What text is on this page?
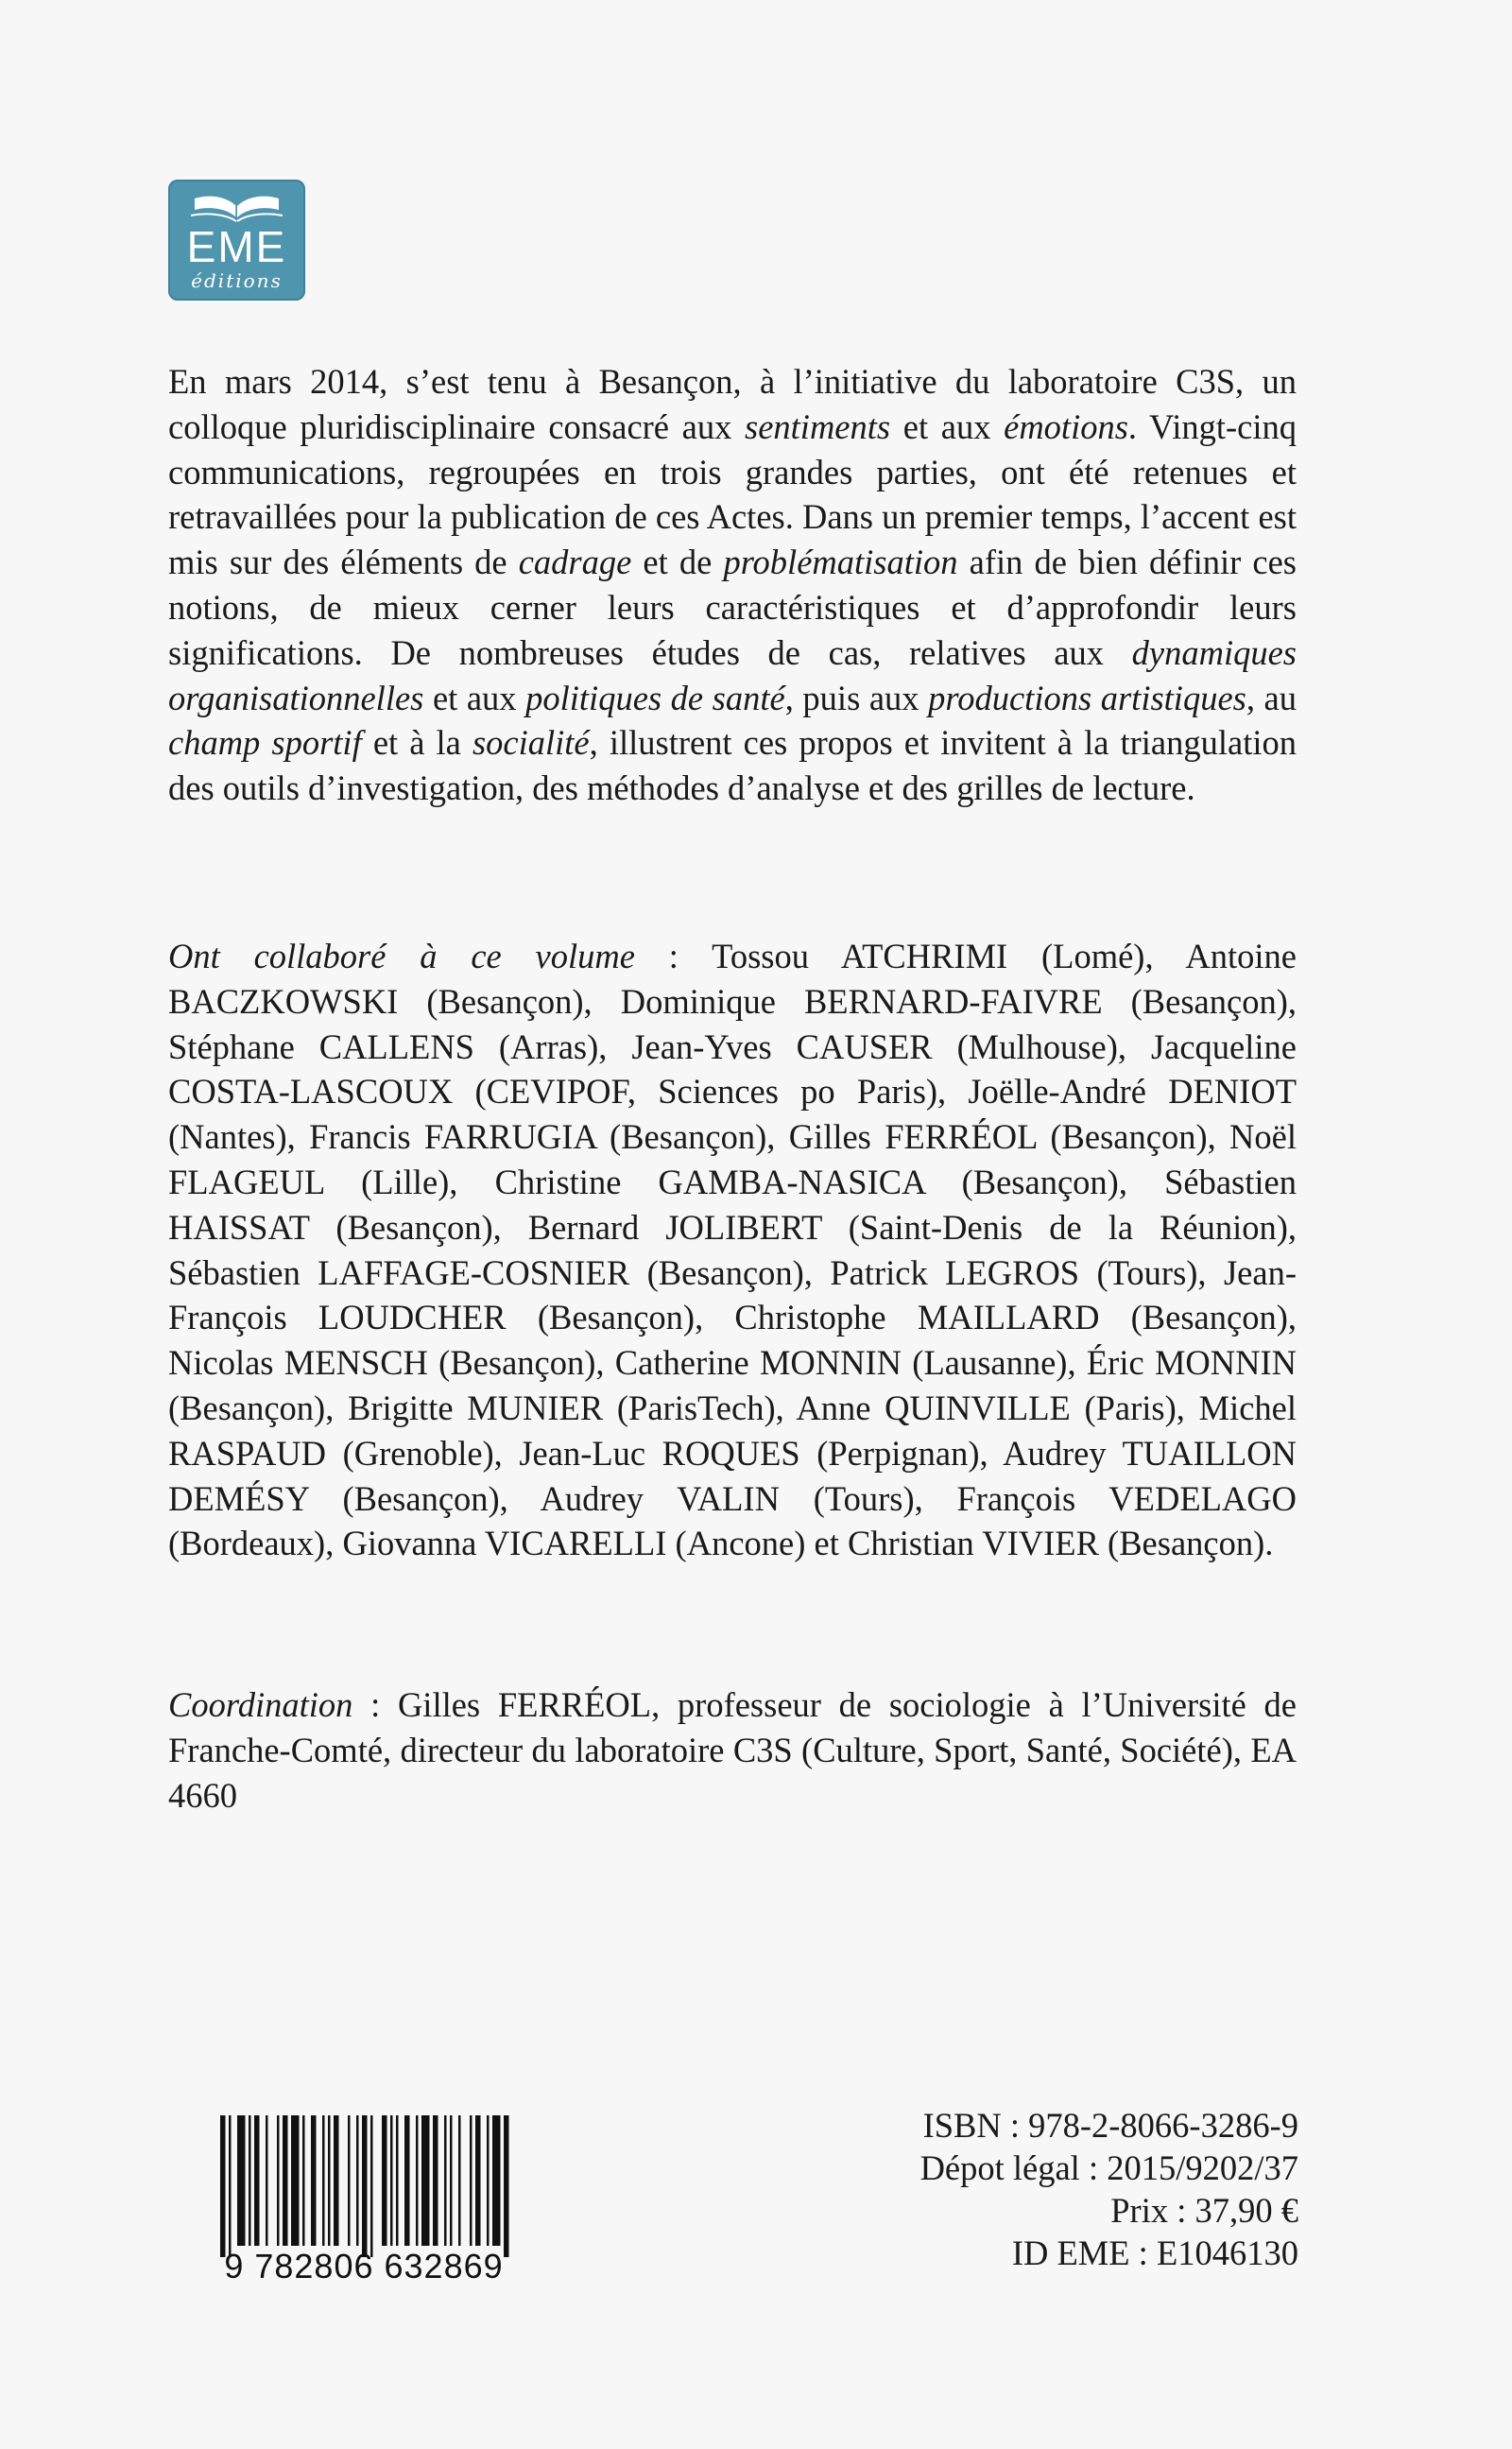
EME
éditions

En mars 2014, s’est tenu à Besançon, à l’initiative du laboratoire C3S, un colloque pluridisciplinaire consacré aux sentiments et aux émotions. Vingt-cinq communications, regroupées en trois grandes parties, ont été retenues et retravaillées pour la publication de ces Actes. Dans un premier temps, l’accent est mis sur des éléments de cadrage et de problématisation afin de bien définir ces notions, de mieux cerner leurs caractéristiques et d’approfondir leurs significations. De nombreuses études de cas, relatives aux dynamiques organisationnelles et aux politiques de santé, puis aux productions artistiques, au champ sportif et à la socialité, illustrent ces propos et invitent à la triangulation des outils d’investigation, des méthodes d’analyse et des grilles de lecture.

Ont collaboré à ce volume : Tossou ATCHRIMI (Lomé), Antoine BACZKOWSKI (Besançon), Dominique BERNARD-FAIVRE (Besançon), Stéphane CALLENS (Arras), Jean-Yves CAUSER (Mulhouse), Jacqueline COSTA-LASCOUX (CEVIPOF, Sciences po Paris), Joëlle-André DENIOT (Nantes), Francis FARRUGIA (Besançon), Gilles FERRÉOL (Besançon), Noël FLAGEUL (Lille), Christine GAMBA-NASICA (Besançon), Sébastien HAISSAT (Besançon), Bernard JOLIBERT (Saint-Denis de la Réunion), Sébastien LAFFAGE-COSNIER (Besançon), Patrick LEGROS (Tours), Jean-François LOUDCHER (Besançon), Christophe MAILLARD (Besançon), Nicolas MENSCH (Besançon), Catherine MONNIN (Lausanne), Éric MONNIN (Besançon), Brigitte MUNIER (ParisTech), Anne QUINVILLE (Paris), Michel RASPAUD (Grenoble), Jean-Luc ROQUES (Perpignan), Audrey TUAILLON DEMÉSY (Besançon), Audrey VALIN (Tours), François VEDELAGO (Bordeaux), Giovanna VICARELLI (Ancone) et Christian VIVIER (Besançon).

Coordination : Gilles FERRÉOL, professeur de sociologie à l’Université de Franche-Comté, directeur du laboratoire C3S (Culture, Sport, Santé, Société), EA 4660

9 782806 632869
ISBN : 978-2-8066-3286-9
Dépot légal : 2015/9202/37
Prix : 37,90 €
ID EME : E1046130
